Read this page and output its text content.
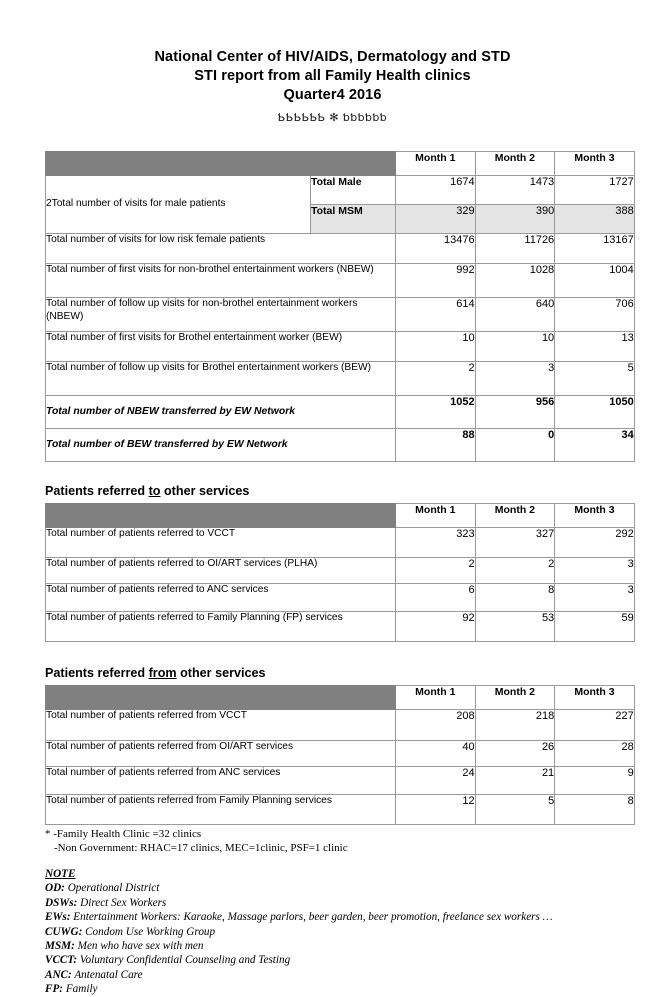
National Center of HIV/AIDS, Dermatology and STD
STI report from all Family Health clinics
Quarter4 2016
ƄƄƄƄƄƄ ✻ ƅƅƅƅƅƅ
		Month 1	Month 2	Month 3
2Total number of visits for male patients	Total Male	1674	1473	1727
	Total MSM	329	390	388
Total number of visits for low risk female patients		13476	11726	13167
Total number of first visits for non-brothel entertainment workers (NBEW)		992	1028	1004
Total number of follow up visits for non-brothel entertainment workers (NBEW)		614	640	706
Total number of first visits for Brothel entertainment worker (BEW)		10	10	13
Total number of follow up visits for Brothel entertainment workers (BEW)		2	3	5
Total number of NBEW transferred by EW Network		1052	956	1050
Total number of BEW transferred by EW Network		88	0	34
Patients referred to other services
	Month 1	Month 2	Month 3
Total number of patients referred to VCCT	323	327	292
Total number of patients referred to OI/ART services (PLHA)	2	2	3
Total number of patients referred to ANC services	6	8	3
Total number of patients referred to Family Planning (FP) services	92	53	59
Patients referred from other services
	Month 1	Month 2	Month 3
Total number of patients referred from VCCT	208	218	227
Total number of patients referred from OI/ART services	40	26	28
Total number of patients referred from ANC services	24	21	9
Total number of patients referred from Family Planning services	12	5	8
* -Family Health Clinic =32 clinics
-Non Government: RHAC=17 clinics, MEC=1clinic, PSF=1 clinic
NOTE
OD: Operational District
DSWs: Direct Sex Workers
EWs: Entertainment Workers: Karaoke, Massage parlors, beer garden, beer promotion, freelance sex workers …
CUWG: Condom Use Working Group
MSM: Men who have sex with men
VCCT: Voluntary Confidential Counseling and Testing
ANC: Antenatal Care
FP: Family
